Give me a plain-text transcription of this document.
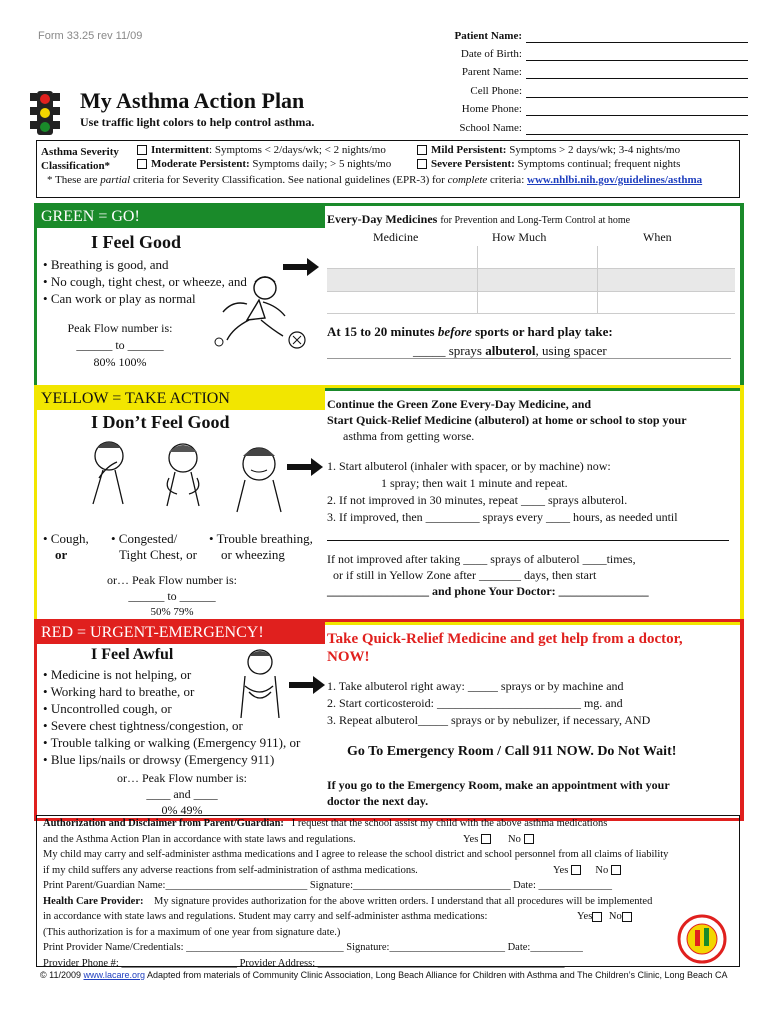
Form 33.25 rev 11/09
My Asthma Action Plan
Use traffic light colors to help control asthma.
Patient Name:
Date of Birth:
Parent Name:
Cell Phone:
Home Phone:
School Name:
Asthma Severity
Classification*
Intermittent: Symptoms < 2/days/wk; < 2 nights/mo
Moderate Persistent: Symptoms daily; > 5 nights/mo
Mild Persistent: Symptoms > 2 days/wk; 3-4 nights/mo
Severe Persistent: Symptoms continual; frequent nights
* These are partial criteria for Severity Classification. See national guidelines (EPR-3) for complete criteria: www.nhlbi.nih.gov/guidelines/asthma
GREEN = GO!
I Feel Good
• Breathing is good, and
• No cough, tight chest, or wheeze, and
• Can work or play as normal
Peak Flow number is:
______ to ______
80% 100%
Every-Day Medicines for Prevention and Long-Term Control at home
Medicine	How Much	When
At 15 to 20 minutes before sports or hard play take:
_____ sprays albuterol, using spacer
YELLOW = TAKE ACTION
I Don’t Feel Good
• Cough,
or
• Congested/
Tight Chest, or
• Trouble breathing,
or wheezing
or… Peak Flow number is:
______ to ______
50% 79%
Continue the Green Zone Every-Day Medicine, and
Start Quick-Relief Medicine (albuterol) at home or school to stop your
asthma from getting worse.
1. Start albuterol (inhaler with spacer, or by machine) now:
1 spray; then wait 1 minute and repeat.
2. If not improved in 30 minutes, repeat ____ sprays albuterol.
3. If improved, then _________ sprays every ____ hours, as needed until
If not improved after taking ____ sprays of albuterol ____times,
or if still in Yellow Zone after _______ days, then start
_________________ and phone Your Doctor: _______________
RED = URGENT-EMERGENCY!
I Feel Awful
• Medicine is not helping, or
• Working hard to breathe, or
• Uncontrolled cough, or
• Severe chest tightness/congestion, or
• Trouble talking or walking (Emergency 911), or
• Blue lips/nails or drowsy (Emergency 911)
or… Peak Flow number is:
____ and ____
0% 49%
Take Quick-Relief Medicine and get help from a doctor,
NOW!
1. Take albuterol right away: _____ sprays or by machine and
2. Start corticosteroid: ________________________ mg. and
3. Repeat albuterol_____ sprays or by nebulizer, if necessary, AND
Go To Emergency Room / Call 911 NOW. Do Not Wait!
If you go to the Emergency Room, make an appointment with your
doctor the next day.
Authorization and Disclaimer from Parent/Guardian: I request that the school assist my child with the above asthma medications
and the Asthma Action Plan in accordance with state laws and regulations.	Yes	No
My child may carry and self-administer asthma medications and I agree to release the school district and school personnel from all claims of liability
if my child suffers any adverse reactions from self-administration of asthma medications.	Yes	No
Print Parent/Guardian Name:___________________________ Signature:______________________________ Date: ______________
Health Care Provider: My signature provides authorization for the above written orders. I understand that all procedures will be implemented
in accordance with state laws and regulations. Student may carry and self-administer asthma medications:	Yes No
(This authorization is for a maximum of one year from signature date.)
Print Provider Name/Credentials: ______________________________ Signature:______________________ Date:__________
Provider Phone #: ______________________ Provider Address: _______________________________________________
© 11/2009 www.lacare.org Adapted from materials of Community Clinic Association, Long Beach Alliance for Children with Asthma and The Children’s Clinic, Long Beach CA
